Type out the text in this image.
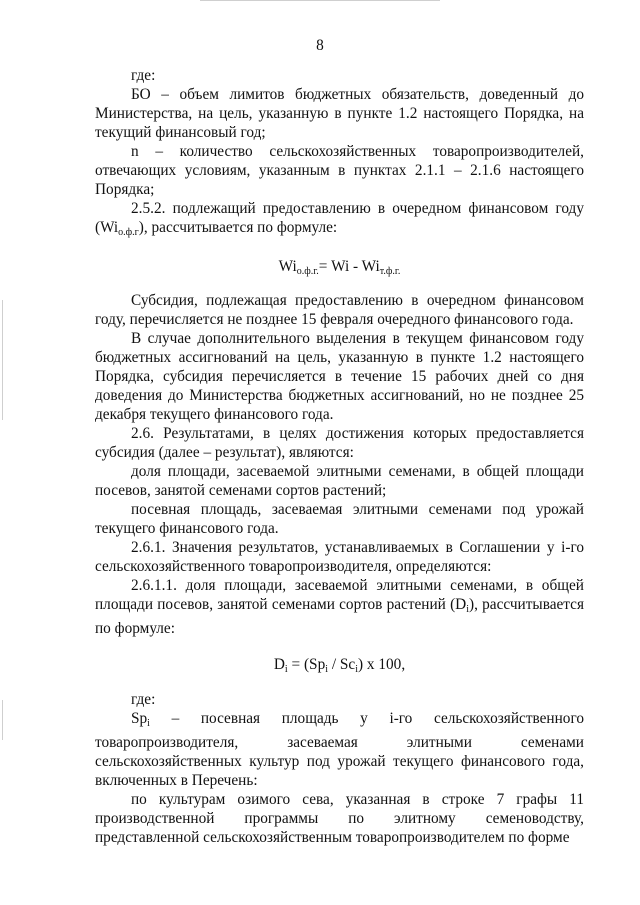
8
где:
БО – объем лимитов бюджетных обязательств, доведенный до Министерства, на цель, указанную в пункте 1.2 настоящего Порядка, на текущий финансовый год;
n – количество сельскохозяйственных товаропроизводителей, отвечающих условиям, указанным в пунктах 2.1.1 – 2.1.6 настоящего Порядка;
2.5.2. подлежащий предоставлению в очередном финансовом году $(Wi_{о.ф.г})$, рассчитывается по формуле:
$Wi_{о.ф.г.}= Wi - Wi_{т.ф.г.}$
Субсидия, подлежащая предоставлению в очередном финансовом году, перечисляется не позднее 15 февраля очередного финансового года.
В случае дополнительного выделения в текущем финансовом году бюджетных ассигнований на цель, указанную в пункте 1.2 настоящего Порядка, субсидия перечисляется в течение 15 рабочих дней со дня доведения до Министерства бюджетных ассигнований, но не позднее 25 декабря текущего финансового года.
2.6. Результатами, в целях достижения которых предоставляется субсидия (далее – результат), являются:
доля площади, засеваемой элитными семенами, в общей площади посевов, занятой семенами сортов растений;
посевная площадь, засеваемая элитными семенами под урожай текущего финансового года.
2.6.1. Значения результатов, устанавливаемых в Соглашении у i-го сельскохозяйственного товаропроизводителя, определяются:
2.6.1.1. доля площади, засеваемой элитными семенами, в общей площади посевов, занятой семенами сортов растений $(D_i)$, рассчитывается по формуле:
$D_i = (Sp_i / Sc_i)$ x 100,
где:
$Sp_i$ – посевная площадь у i-го сельскохозяйственного товаропроизводителя, засеваемая элитными семенами сельскохозяйственных культур под урожай текущего финансового года, включенных в Перечень:
по культурам озимого сева, указанная в строке 7 графы 11 производственной программы по элитному семеноводству, представленной сельскохозяйственным товаропроизводителем по форме
